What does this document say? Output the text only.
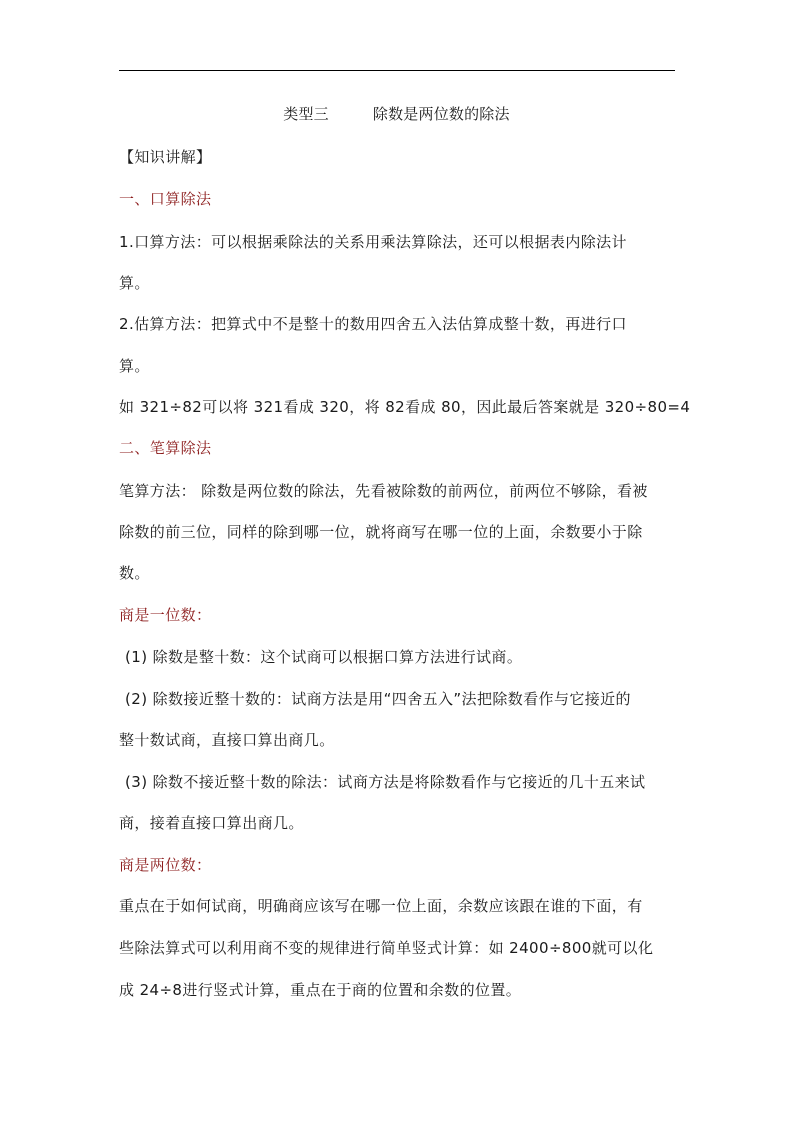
类型三	除数是两位数的除法
【知识讲解】
一、口算除法
1.口算方法：可以根据乘除法的关系用乘法算除法，还可以根据表内除法计
算。
2.估算方法：把算式中不是整十的数用四舍五入法估算成整十数，再进行口
算。
如 321÷82可以将 321看成 320，将 82看成 80，因此最后答案就是 320÷80=4
二、笔算除法
笔算方法： 除数是两位数的除法，先看被除数的前两位，前两位不够除，看被
除数的前三位，同样的除到哪一位，就将商写在哪一位的上面，余数要小于除
数。
商是一位数：
(1) 除数是整十数：这个试商可以根据口算方法进行试商。
(2) 除数接近整十数的：试商方法是用“四舍五入”法把除数看作与它接近的
整十数试商，直接口算出商几。
(3) 除数不接近整十数的除法：试商方法是将除数看作与它接近的几十五来试
商，接着直接口算出商几。
商是两位数：
重点在于如何试商，明确商应该写在哪一位上面，余数应该跟在谁的下面，有
些除法算式可以利用商不变的规律进行简单竖式计算：如 2400÷800就可以化
成 24÷8进行竖式计算，重点在于商的位置和余数的位置。
